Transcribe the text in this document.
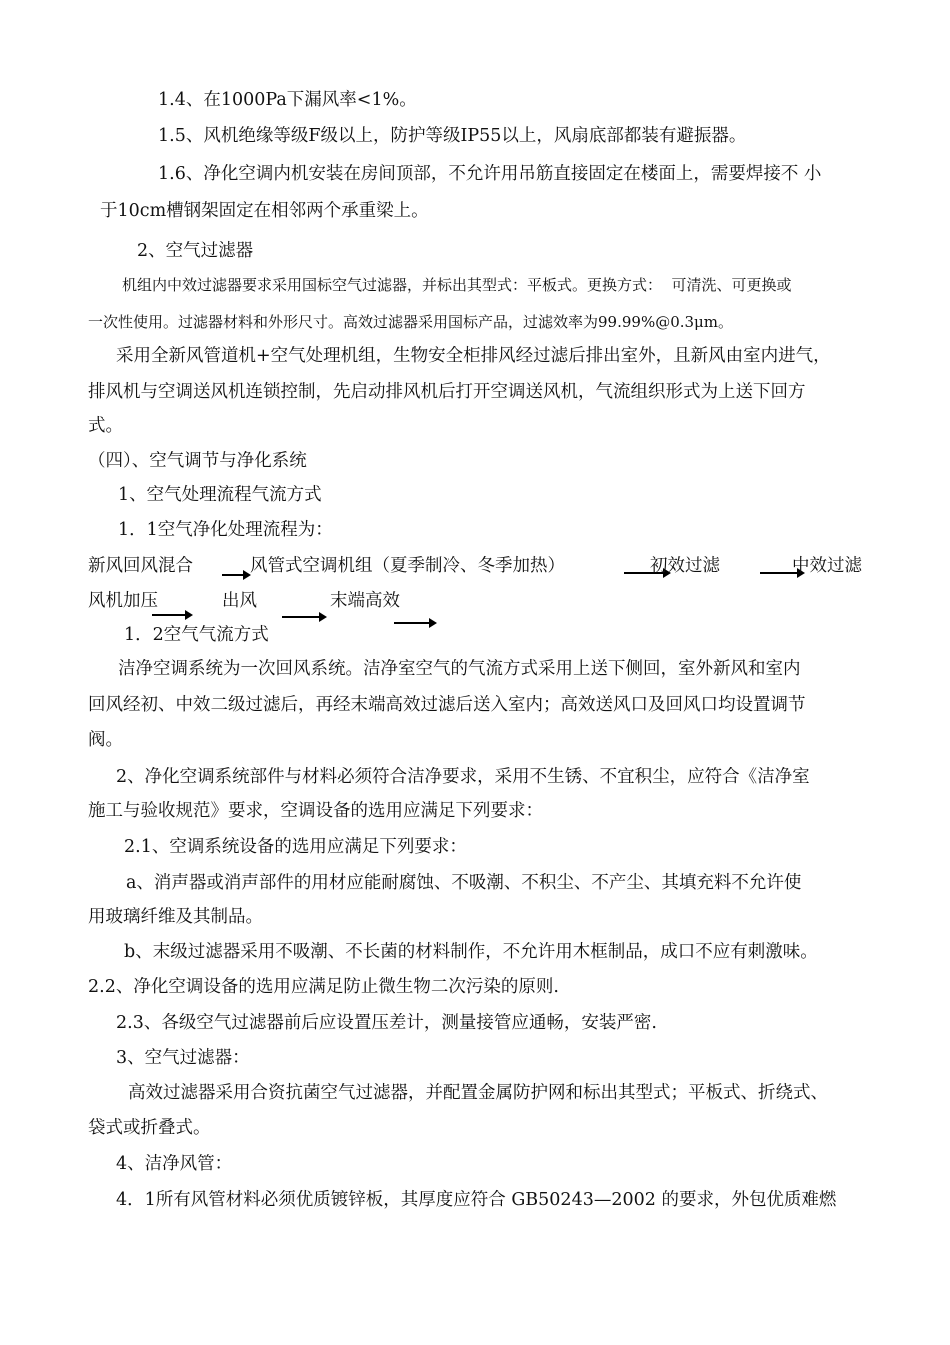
1.4、在1000Pa下漏风率<1%。
1.5、风机绝缘等级F级以上，防护等级IP55以上，风扇底部都装有避振器。
1.6、净化空调内机安装在房间顶部，不允许用吊筋直接固定在楼面上，需要焊接不 小
于10cm槽钢架固定在相邻两个承重梁上。
2、空气过滤器
机组内中效过滤器要求采用国标空气过滤器，并标出其型式：平板式。更换方式：  可清洗、可更换或
一次性使用。过滤器材料和外形尺寸。高效过滤器采用国标产品，过滤效率为99.99%@0.3μm。
采用全新风管道机+空气处理机组，生物安全柜排风经过滤后排出室外，且新风由室内进气，
排风机与空调送风机连锁控制，先启动排风机后打开空调送风机，气流组织形式为上送下回方
式。
（四）、空气调节与净化系统
1、空气处理流程气流方式
1．1空气净化处理流程为：
新风回风混合	风管式空调机组（夏季制冷、冬季加热）	初效过滤	中效过滤
风机加压	出风	末端高效
1．2空气气流方式
洁净空调系统为一次回风系统。洁净室空气的气流方式采用上送下侧回，室外新风和室内
回风经初、中效二级过滤后，再经末端高效过滤后送入室内；高效送风口及回风口均设置调节
阀。
2、净化空调系统部件与材料必须符合洁净要求，采用不生锈、不宜积尘，应符合《洁净室
施工与验收规范》要求，空调设备的选用应满足下列要求：
2.1、空调系统设备的选用应满足下列要求：
a、消声器或消声部件的用材应能耐腐蚀、不吸潮、不积尘、不产尘、其填充料不允许使
用玻璃纤维及其制品。
b、末级过滤器采用不吸潮、不长菌的材料制作，不允许用木框制品，成口不应有刺激味。
2.2、净化空调设备的选用应满足防止微生物二次污染的原则.
2.3、各级空气过滤器前后应设置压差计，测量接管应通畅，安装严密.
3、空气过滤器：
高效过滤器采用合资抗菌空气过滤器，并配置金属防护网和标出其型式；平板式、折绕式、
袋式或折叠式。
4、洁净风管：
4．1所有风管材料必须优质镀锌板，其厚度应符合 GB50243—2002 的要求，外包优质难燃
